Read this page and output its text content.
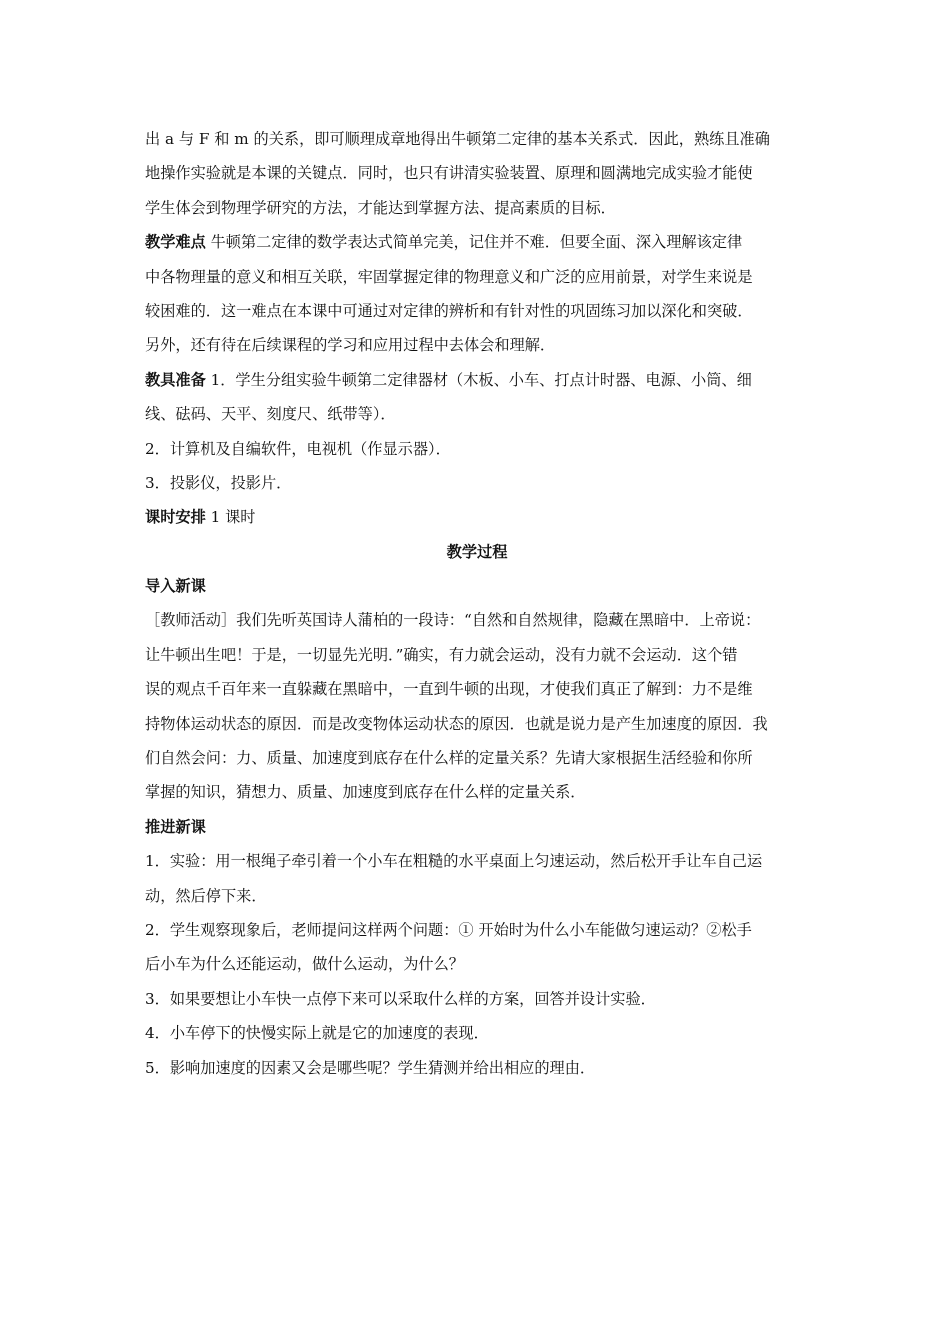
出 a 与 F 和 m 的关系，即可顺理成章地得出牛顿第二定律的基本关系式．因此，熟练且准确
地操作实验就是本课的关键点．同时，也只有讲清实验装置、原理和圆满地完成实验才能使
学生体会到物理学研究的方法，才能达到掌握方法、提高素质的目标．
教学难点 牛顿第二定律的数学表达式简单完美，记住并不难．但要全面、深入理解该定律
中各物理量的意义和相互关联，牢固掌握定律的物理意义和广泛的应用前景，对学生来说是
较困难的．这一难点在本课中可通过对定律的辨析和有针对性的巩固练习加以深化和突破．
另外，还有待在后续课程的学习和应用过程中去体会和理解．
教具准备 1．学生分组实验牛顿第二定律器材（木板、小车、打点计时器、电源、小筒、细
线、砝码、天平、刻度尺、纸带等）．
2．计算机及自编软件，电视机（作显示器）．
3．投影仪，投影片．
课时安排 1 课时
教学过程
导入新课
［教师活动］我们先听英国诗人蒲柏的一段诗：“自然和自然规律，隐藏在黑暗中．上帝说：
让牛顿出生吧！于是，一切显先光明．”确实，有力就会运动，没有力就不会运动．这个错
误的观点千百年来一直躲藏在黑暗中，一直到牛顿的出现，才使我们真正了解到：力不是维
持物体运动状态的原因．而是改变物体运动状态的原因．也就是说力是产生加速度的原因．我
们自然会问：力、质量、加速度到底存在什么样的定量关系？先请大家根据生活经验和你所
掌握的知识，猜想力、质量、加速度到底存在什么样的定量关系．
推进新课
1．实验：用一根绳子牵引着一个小车在粗糙的水平桌面上匀速运动，然后松开手让车自己运
动，然后停下来．
2．学生观察现象后，老师提问这样两个问题：① 开始时为什么小车能做匀速运动？②松手
后小车为什么还能运动，做什么运动，为什么？
3．如果要想让小车快一点停下来可以采取什么样的方案，回答并设计实验．
4．小车停下的快慢实际上就是它的加速度的表现．
5．影响加速度的因素又会是哪些呢？学生猜测并给出相应的理由．
